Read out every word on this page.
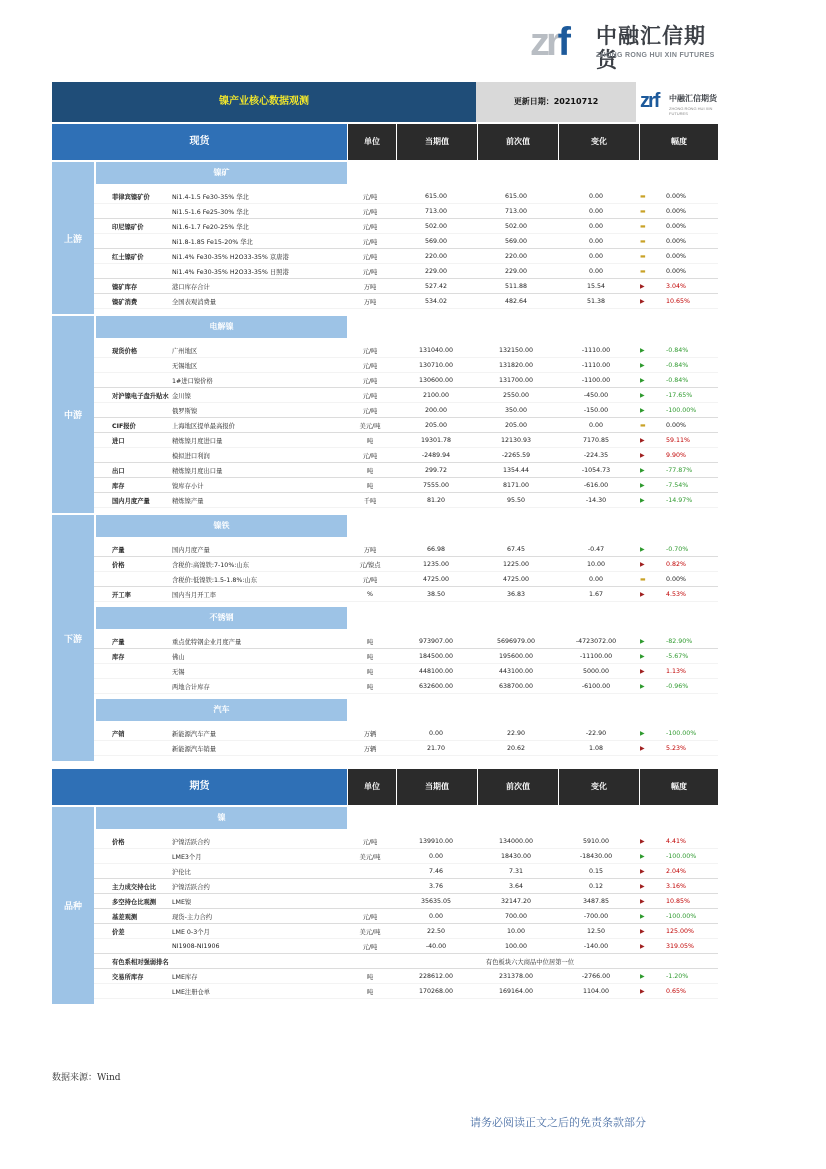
zrf 中融汇信期货
ZHONG RONG HUI XIN FUTURES
镍产业核心数据观测	更新日期：20210712	zrf 中融汇信期货
ZHONG RONG HUI XIN FUTURES
现货	单位	当期值	前次值	变化	幅度
上游
镍矿
菲律宾镍矿价	Ni1.4-1.5 Fe30-35% 华北	元/吨	615.00	615.00	0.00	▬	0.00%
Ni1.5-1.6 Fe25-30% 华北	元/吨	713.00	713.00	0.00	▬	0.00%
印尼镍矿价	Ni1.6-1.7 Fe20-25% 华北	元/吨	502.00	502.00	0.00	▬	0.00%
Ni1.8-1.85 Fe15-20% 华北	元/吨	569.00	569.00	0.00	▬	0.00%
红土镍矿价	Ni1.4% Fe30-35% H2O33-35% 京唐港	元/吨	220.00	220.00	0.00	▬	0.00%
Ni1.4% Fe30-35% H2O33-35% 日照港	元/吨	229.00	229.00	0.00	▬	0.00%
镍矿库存	港口库存合计	万吨	527.42	511.88	15.54	▶	3.04%
镍矿消费	全国表观消费量	万吨	534.02	482.64	51.38	▶	10.65%
中游
电解镍
现货价格	广州地区	元/吨	131040.00	132150.00	-1110.00	▶	-0.84%
无锡地区	元/吨	130710.00	131820.00	-1110.00	▶	-0.84%
1#进口镍价格	元/吨	130600.00	131700.00	-1100.00	▶	-0.84%
对沪镍电子盘升贴水 金川镍	元/吨	2100.00	2550.00	-450.00	▶	-17.65%
俄罗斯镍	元/吨	200.00	350.00	-150.00	▶	-100.00%
CIF报价	上海地区提单最高报价	美元/吨	205.00	205.00	0.00	▬	0.00%
进口	精炼镍月度进口量	吨	19301.78	12130.93	7170.85	▶	59.11%
模拟进口利润	元/吨	-2489.94	-2265.59	-224.35	▶	9.90%
出口	精炼镍月度出口量	吨	299.72	1354.44	-1054.73	▶	-77.87%
库存	镍库存小计	吨	7555.00	8171.00	-616.00	▶	-7.54%
国内月度产量	精炼镍产量	千吨	81.20	95.50	-14.30	▶	-14.97%
下游
镍铁
产量	国内月度产量	万吨	66.98	67.45	-0.47	▶	-0.70%
价格	含税价:高镍铁:7-10%:山东	元/镍点	1235.00	1225.00	10.00	▶	0.82%
含税价:低镍铁:1.5-1.8%:山东	元/吨	4725.00	4725.00	0.00	▬	0.00%
开工率	国内当月开工率	%	38.50	36.83	1.67	▶	4.53%
不锈钢
产量	重点优特钢企业月度产量	吨	973907.00	5696979.00	-4723072.00	▶	-82.90%
库存	佛山	吨	184500.00	195600.00	-11100.00	▶	-5.67%
无锡	吨	448100.00	443100.00	5000.00	▶	1.13%
两地合计库存	吨	632600.00	638700.00	-6100.00	▶	-0.96%
汽车
产销	新能源汽车产量	万辆	0.00	22.90	-22.90	▶	-100.00%
新能源汽车销量	万辆	21.70	20.62	1.08	▶	5.23%
期货	单位	当期值	前次值	变化	幅度
品种
镍
价格	沪镍活跃合约	元/吨	139910.00	134000.00	5910.00	▶	4.41%
LME3个月	美元/吨	0.00	18430.00	-18430.00	▶	-100.00%
沪伦比	7.46	7.31	0.15	▶	2.04%
主力成交持仓比	沪镍活跃合约	3.76	3.64	0.12	▶	3.16%
多空持仓比观测	LME镍	35635.05	32147.20	3487.85	▶	10.85%
基差观测	现货-主力合约	元/吨	0.00	700.00	-700.00	▶	-100.00%
价差	LME 0-3个月	美元/吨	22.50	10.00	12.50	▶	125.00%
NI1908-NI1906	元/吨	-40.00	100.00	-140.00	▶	319.05%
有色系相对强弱排名	有色板块六大商品中位居第一位
交易所库存	LME库存	吨	228612.00	231378.00	-2766.00	▶	-1.20%
LME注册仓单	吨	170268.00	169164.00	1104.00	▶	0.65%
数据来源：Wind
请务必阅读正文之后的免责条款部分
